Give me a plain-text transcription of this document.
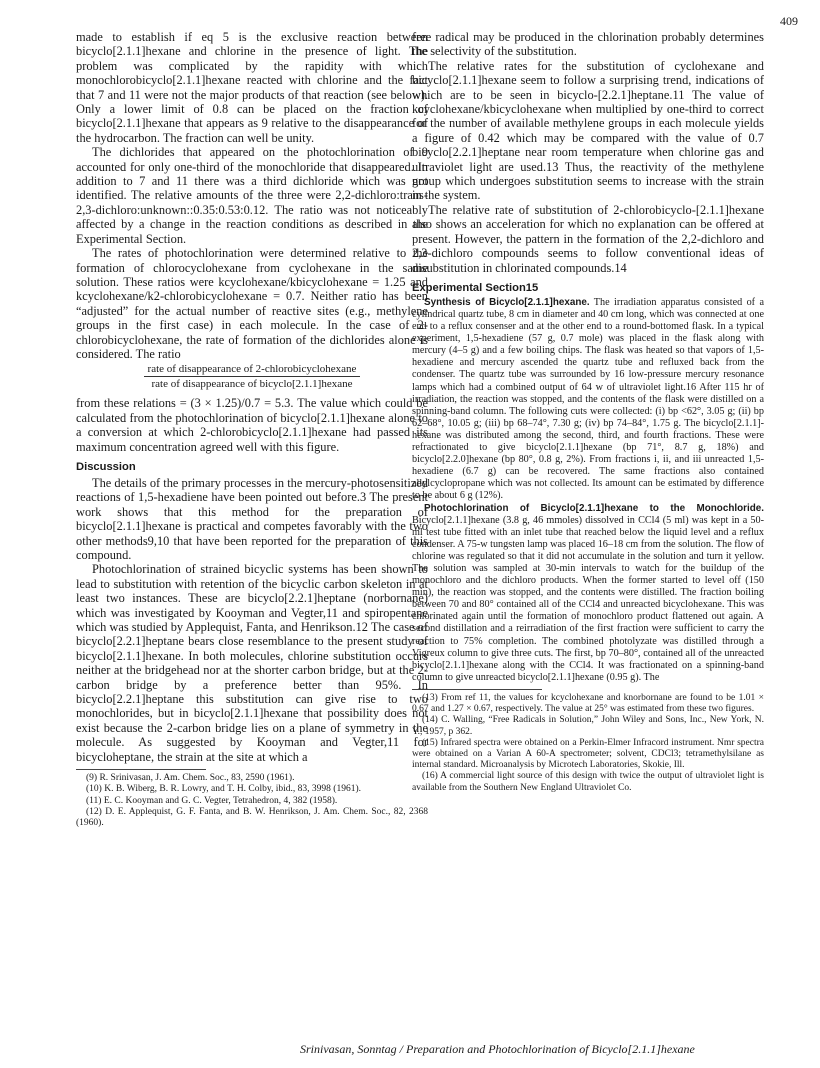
409

made to establish if eq 5 is the exclusive reaction between bicyclo[2.1.1]hexane and chlorine in the presence of light. The problem was complicated by the rapidity with which monochlorobicyclo[2.1.1]hexane reacted with chlorine and the fact that 7 and 11 were not the major products of that reaction (see below). Only a lower limit of 0.8 can be placed on the fraction of bicyclo[2.1.1]hexane that appears as 9 relative to the disappearance of the hydrocarbon. The fraction can well be unity.

The dichlorides that appeared on the photochlorination of 9 accounted for only one-third of the monochloride that disappeared. In addition to 7 and 11 there was a third dichloride which was not identified. The relative amounts of the three were 2,2-dichloro:trans-2,3-dichloro:unknown::0.35:0.53:0.12. The ratio was not noticeably affected by a change in the reaction conditions as described in the Experimental Section.

The rates of photochlorination were determined relative to the formation of chlorocyclohexane from cyclohexane in the same solution. These ratios were kcyclohexane/kbicyclohexane = 1.25 and kcyclohexane/k2-chlorobicyclohexane = 0.7. Neither ratio has been “adjusted” for the actual number of reactive sites (e.g., methylene groups in the first case) in each molecule. In the case of 2-chlorobicyclohexane, the rate of formation of the dichlorides alone is considered. The ratio

rate of disappearance of 2-chlorobicyclohexane
rate of disappearance of bicyclo[2.1.1]hexane

from these relations = (3 × 1.25)/0.7 = 5.3. The value which could be calculated from the photochlorination of bicyclo[2.1.1]hexane alone to a conversion at which 2-chlorobicyclo[2.1.1]hexane had passed its maximum concentration agreed well with this figure.

Discussion

The details of the primary processes in the mercury-photosensitized reactions of 1,5-hexadiene have been pointed out before.3 The present work shows that this method for the preparation of bicyclo[2.1.1]hexane is practical and competes favorably with the two other methods9,10 that have been reported for the preparation of this compound.

Photochlorination of strained bicyclic systems has been shown to lead to substitution with retention of the bicyclic carbon skeleton in at least two instances. These are bicyclo[2.2.1]heptane (norbornane) which was investigated by Kooyman and Vegter,11 and spiropentane which was studied by Applequist, Fanta, and Henrikson.12 The case of bicyclo[2.2.1]heptane bears close resemblance to the present study of bicyclo[2.1.1]hexane. In both molecules, chlorine substitution occurs neither at the bridgehead nor at the shorter carbon bridge, but at the 2-carbon bridge by a preference better than 95%. In bicyclo[2.2.1]heptane this substitution can give rise to two monochlorides, but in bicyclo[2.1.1]hexane that possibility does not exist because the 2-carbon bridge lies on a plane of symmetry in the molecule. As suggested by Kooyman and Vegter,11 for bicycloheptane, the strain at the site at which a

(9) R. Srinivasan, J. Am. Chem. Soc., 83, 2590 (1961).

(10) K. B. Wiberg, B. R. Lowry, and T. H. Colby, ibid., 83, 3998 (1961).

(11) E. C. Kooyman and G. C. Vegter, Tetrahedron, 4, 382 (1958).

(12) D. E. Applequist, G. F. Fanta, and B. W. Henrikson, J. Am. Chem. Soc., 82, 2368 (1960).

free radical may be produced in the chlorination probably determines the selectivity of the substitution.

The relative rates for the substitution of cyclohexane and bicyclo[2.1.1]hexane seem to follow a surprising trend, indications of which are to be seen in bicyclo-[2.2.1]heptane.11 The value of kcyclohexane/kbicyclohexane when multiplied by one-third to correct for the number of available methylene groups in each molecule yields a figure of 0.42 which may be compared with the value of 0.7 bicyclo[2.2.1]heptane near room temperature when chlorine gas and ultraviolet light are used.13 Thus, the reactivity of the methylene group which undergoes substitution seems to increase with the strain in the system.

The relative rate of substitution of 2-chlorobicyclo-[2.1.1]hexane also shows an acceleration for which no explanation can be offered at present. However, the pattern in the formation of the 2,2-dichloro and 2,3-dichloro compounds seems to follow conventional ideas of disubstitution in chlorinated compounds.14

Experimental Section15

Synthesis of Bicyclo[2.1.1]hexane. The irradiation apparatus consisted of a cylindrical quartz tube, 8 cm in diameter and 40 cm long, which was connected at one end to a reflux consenser and at the other end to a round-bottomed flask. In a typical experiment, 1,5-hexadiene (57 g, 0.7 mole) was placed in the flask along with mercury (4–5 g) and a few boiling chips. The flask was heated so that vapors of 1,5-hexadiene and mercury ascended the quartz tube and refluxed back from the condenser. The quartz tube was surrounded by 16 low-pressure mercury resonance lamps which had a combined output of 64 w of ultraviolet light.16 After 115 hr of irradiation, the reaction was stopped, and the contents of the flask were distilled on a spinning-band column. The following cuts were collected: (i) bp <62°, 3.05 g; (ii) bp 62–68°, 10.05 g; (iii) bp 68–74°, 7.30 g; (iv) bp 74–84°, 1.75 g. The bicyclo[2.1.1]-hexane was distributed among the second, third, and fourth fractions. These were refractionated to give bicyclo[2.1.1]hexane (bp 71°, 8.7 g, 18%) and bicyclo[2.2.0]hexane (bp 80°, 0.8 g, 2%). From fractions i, ii, and iii unreacted 1,5-hexadiene (6.7 g) can be recovered. The same fractions also contained allylcyclopropane which was not collected. Its amount can be estimated by difference to be about 6 g (12%).

Photochlorination of Bicyclo[2.1.1]hexane to the Monochloride. Bicyclo[2.1.1]hexane (3.8 g, 46 mmoles) dissolved in CCl4 (5 ml) was kept in a 50-ml test tube fitted with an inlet tube that reached below the liquid level and a reflux condenser. A 75-w tungsten lamp was placed 16–18 cm from the solution. The flow of chlorine was regulated so that it did not accumulate in the solution and turn it yellow. The solution was sampled at 30-min intervals to watch for the buildup of the monochloro and the dichloro products. When the former started to level off (150 min), the reaction was stopped, and the contents were distilled. The fraction boiling between 70 and 80° contained all of the CCl4 and unreacted bicyclohexane. This was chlorinated again until the formation of monochloro product flattened out again. A second distillation and a reirradiation of the first fraction were sufficient to carry the reaction to 75% completion. The combined photolyzate was distilled through a Vigreux column to give three cuts. The first, bp 70–80°, contained all of the unreacted bicyclo[2.1.1]hexane along with the CCl4. It was fractionated on a spinning-band column to give unreacted bicyclo[2.1.1]hexane (0.95 g). The

(13) From ref 11, the values for kcyclohexane and knorbornane are found to be 1.01 × 0.67 and 1.27 × 0.67, respectively. The value at 25° was estimated from these two figures.

(14) C. Walling, “Free Radicals in Solution,” John Wiley and Sons, Inc., New York, N. Y., 1957, p 362.

(15) Infrared spectra were obtained on a Perkin-Elmer Infracord instrument. Nmr spectra were obtained on a Varian A 60-A spectrometer; solvent, CDCl3; tetramethylsilane as internal standard. Microanalysis by Microtech Laboratories, Skokie, Ill.

(16) A commercial light source of this design with twice the output of ultraviolet light is available from the Southern New England Ultraviolet Co.

Srinivasan, Sonntag / Preparation and Photochlorination of Bicyclo[2.1.1]hexane
